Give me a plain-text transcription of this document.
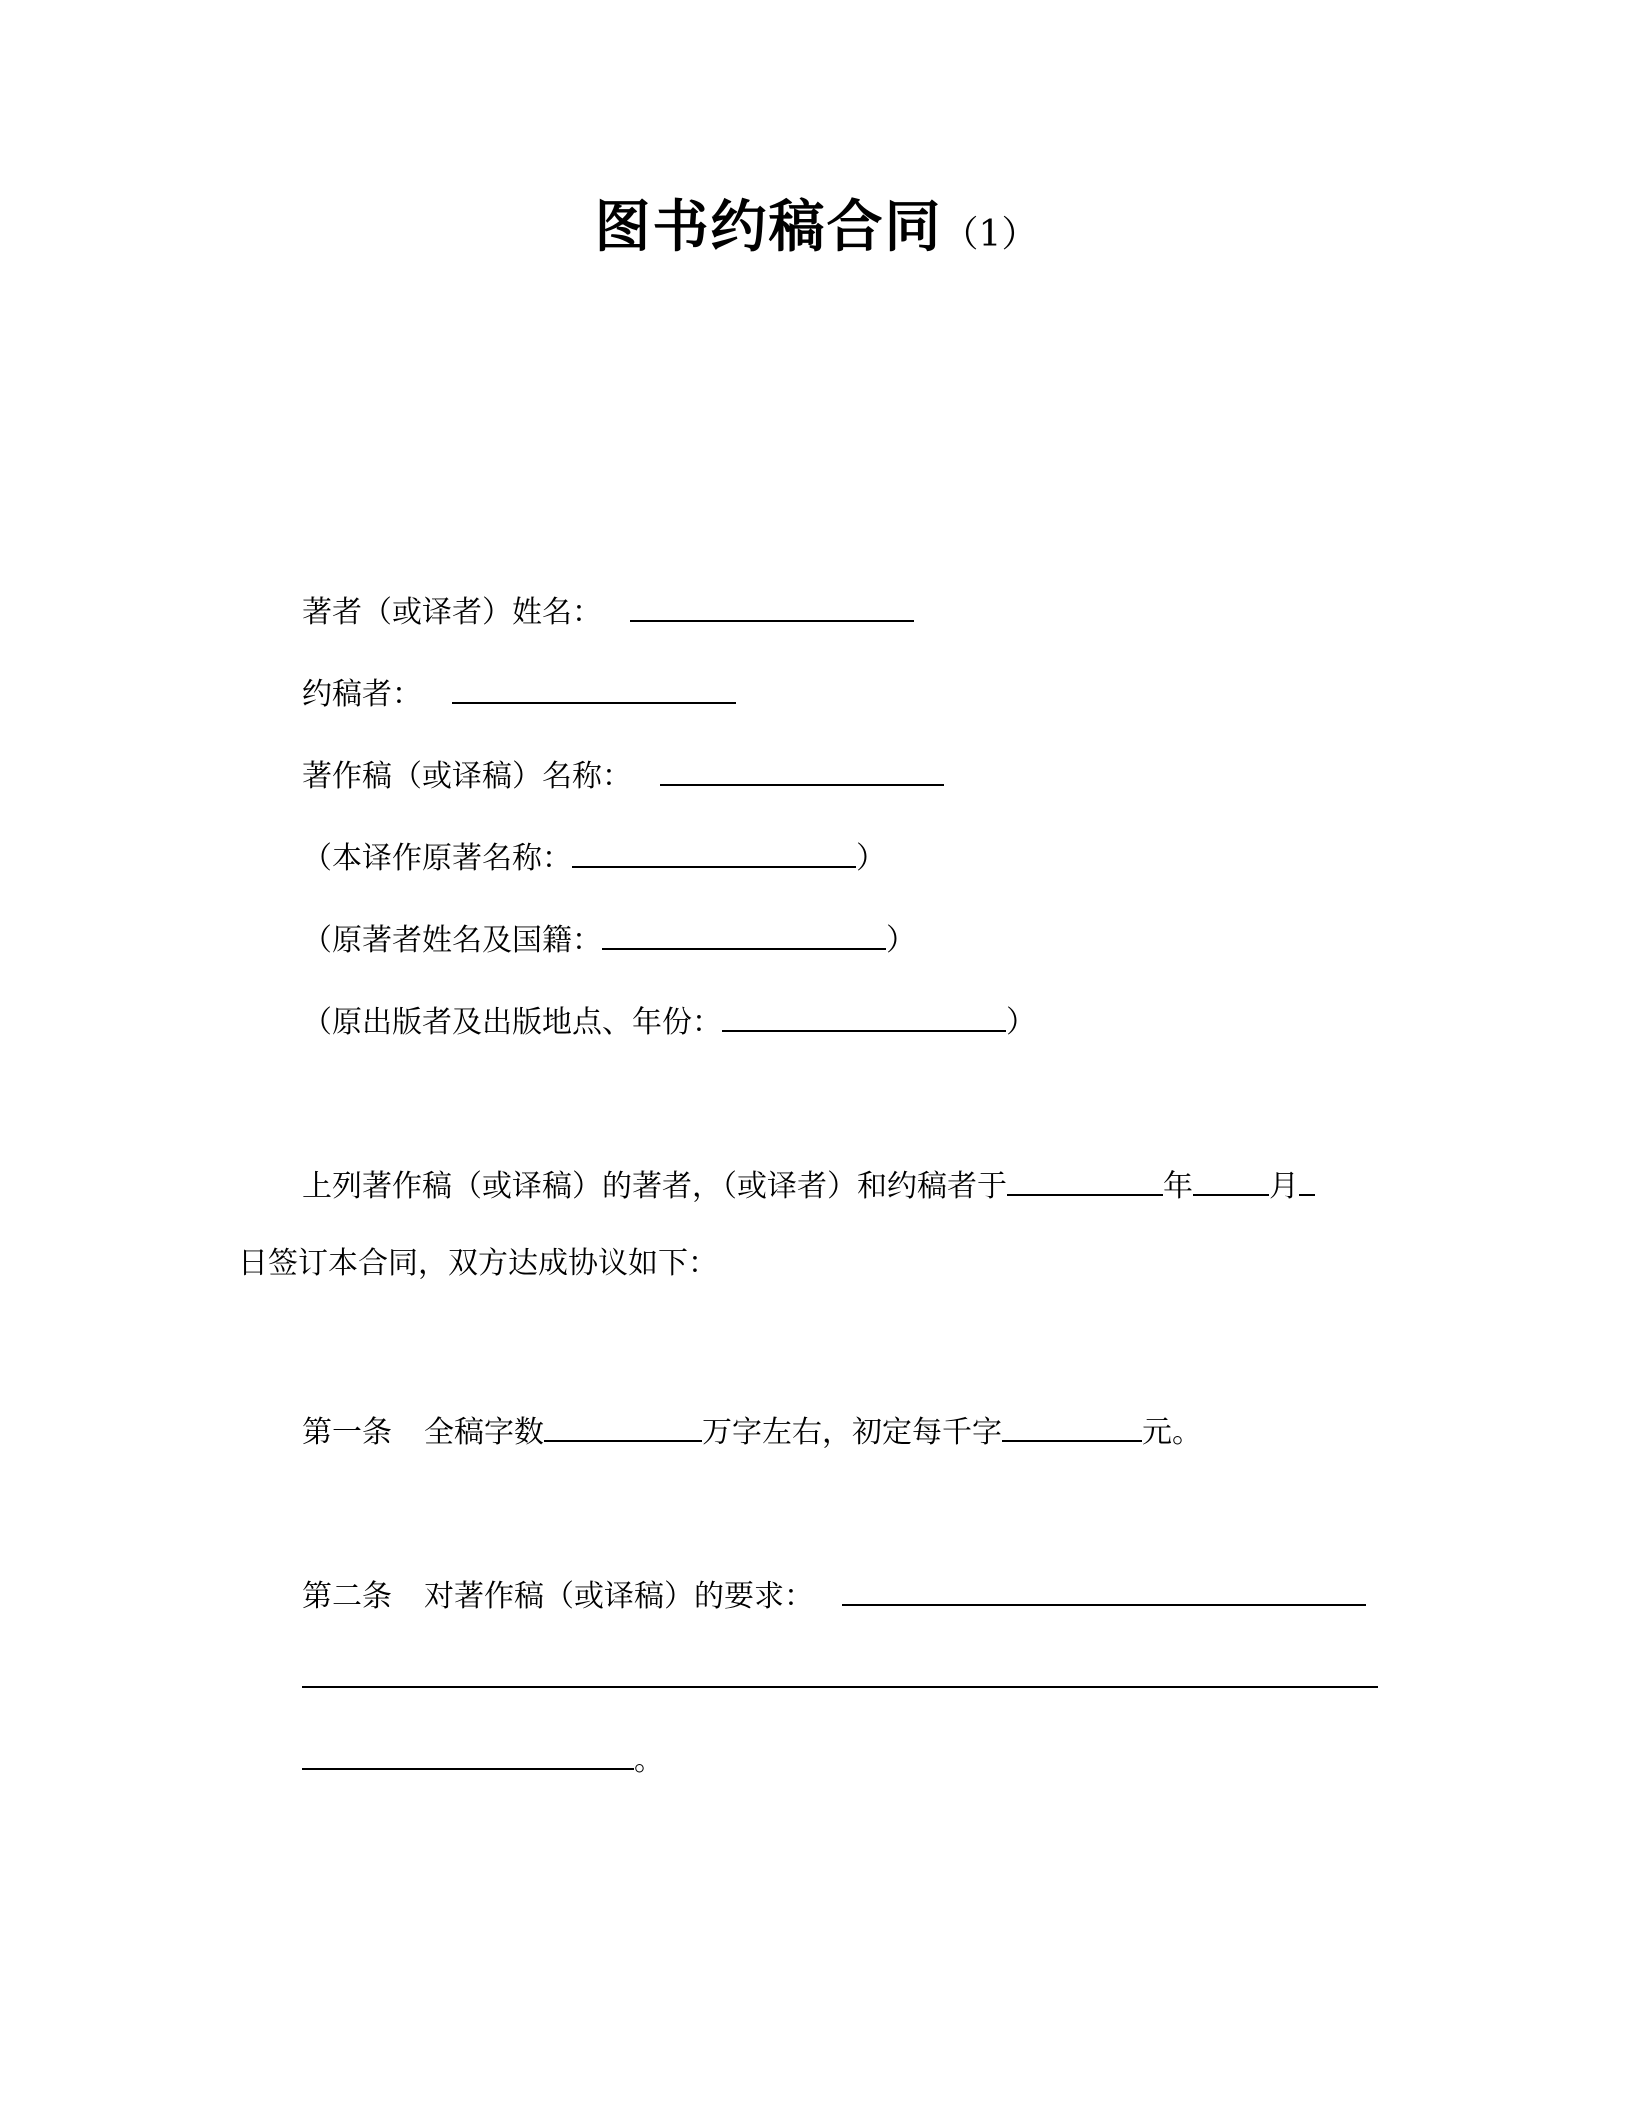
图书约稿合同（1）
著者（或译者）姓名：
约稿者：
著作稿（或译稿）名称：
（本译作原著名称：	）
（原著者姓名及国籍：	）
（原出版者及出版地点、年份：	）
上列著作稿（或译稿）的著者，（或译者）和约稿者于	年	月
日签订本合同，双方达成协议如下：
第一条 全稿字数	万字左右，初定每千字	元。
第二条 对著作稿（或译稿）的要求：
。
